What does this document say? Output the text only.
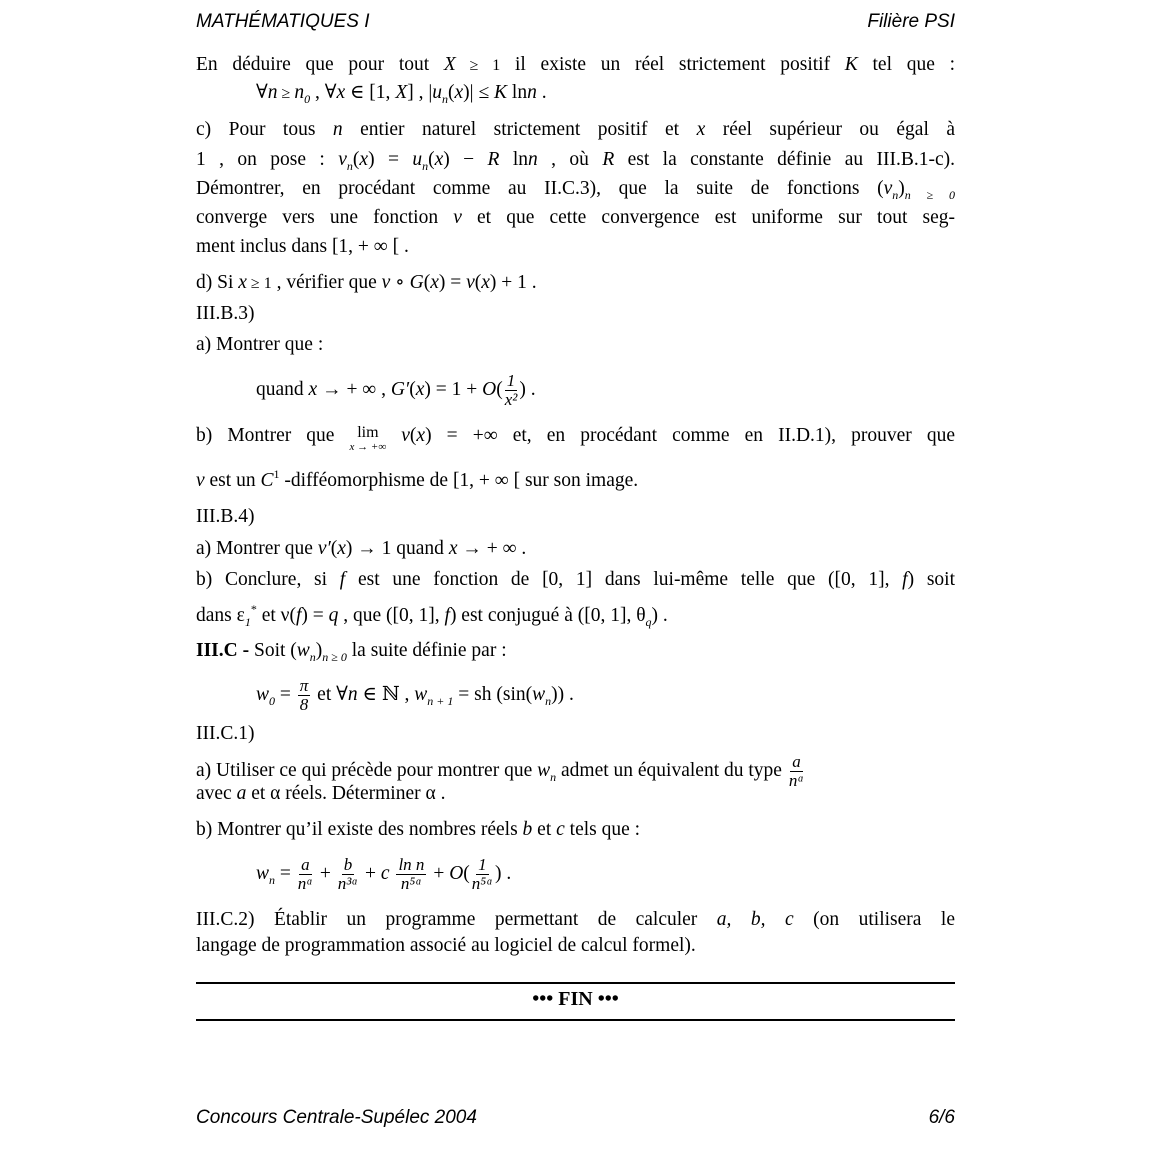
MATHÉMATIQUES I	Filière PSI
En déduire que pour tout X ≥ 1 il existe un réel strictement positif K tel que :
∀n ≥ $n_0$ , ∀x ∈ [1, X] , $|u_n(x)| \le K$ lnn .
c) Pour tous n entier naturel strictement positif et x réel supérieur ou égal à
1 , on pose : $v_n(x) = u_n(x) - R$ lnn , où R est la constante définie au III.B.1-c).
Démontrer, en procédant comme au II.C.3), que la suite de fonctions $(v_n)_{n \ge 0}$
converge vers une fonction v et que cette convergence est uniforme sur tout seg-
ment inclus dans [1, + ∞ [ .
d) Si x ≥ 1 , vérifier que v ∘ G(x) = v(x) + 1 .
III.B.3)
a) Montrer que :
quand x → + ∞ , $G'(x) = 1 + O( \frac{1}{\text{x²}}$ ) .
b) Montrer que lim
x → +∞
v(x) = +∞ et, en procédant comme en II.D.1), prouver que
v est un $C^1$ -difféomorphisme de [1, + ∞ [ sur son image.
III.B.4)
a) Montrer que v′(x) → 1 quand x → + ∞ .
b) Conclure, si f est une fonction de [0, 1] dans lui-même telle que ([0, 1], f) soit
dans $\varepsilon_1^*$ et ν(f) = q , que ([0, 1], f) est conjugué à ([0, 1], $\theta_q$) .
III.C - Soit $(w_n)_{n \ge 0}$ la suite définie par :
$w_0 = \frac{\pi}{8}$ et ∀n ∈ ℕ , $w_{n + 1}$ = sh $(\sin(w_n))$ .
III.C.1)
a) Utiliser ce qui précède pour montrer que $w_n$ admet un équivalent du type $\frac{a}{\text{nᵅ}}$
avec a et α réels. Déterminer α .
b) Montrer qu’il existe des nombres réels b et c tels que :
$w_n = \frac{a}{\text{nᵅ}} + \frac{b}{\text{n³ᵅ}} + c \frac{\text{ln n}}{\text{n⁵ᵅ}} + O( \frac{1}{\text{n⁵ᵅ}}$ ) .
III.C.2) Établir un programme permettant de calculer a, b, c (on utilisera le
langage de programmation associé au logiciel de calcul formel).
••• FIN •••
Concours Centrale-Supélec 2004	6/6
